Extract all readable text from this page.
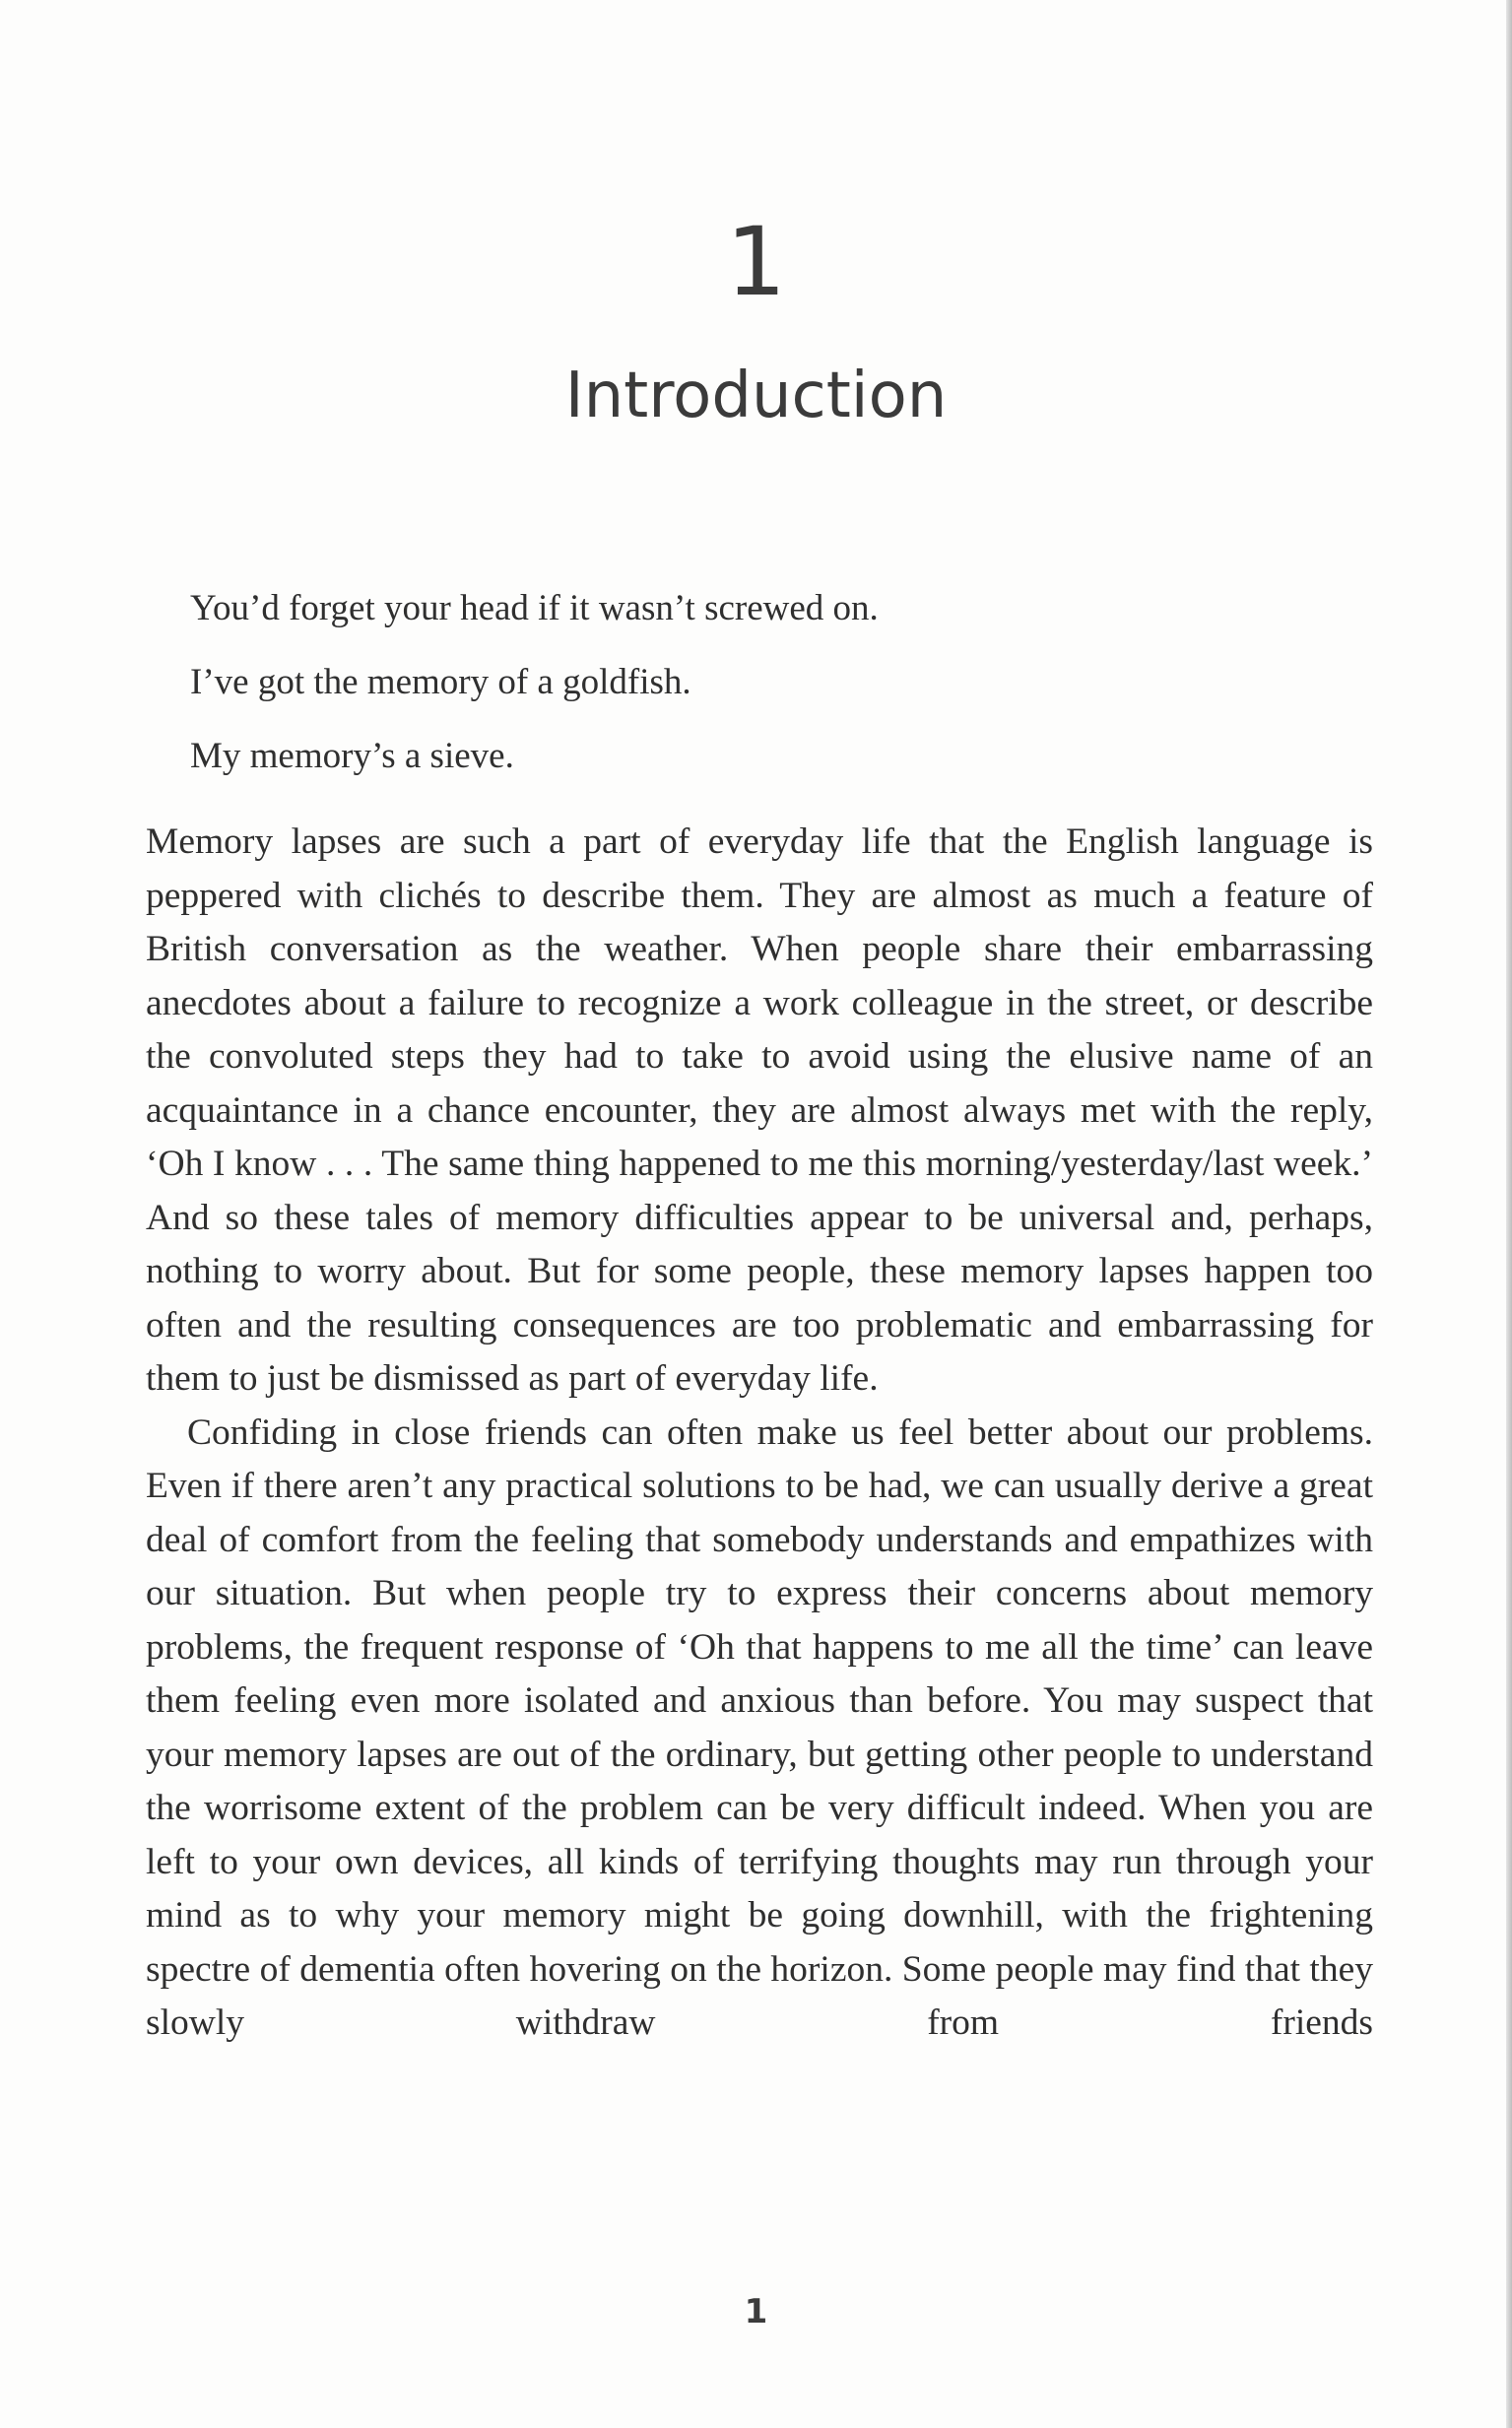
1
Introduction
You’d forget your head if it wasn’t screwed on.
I’ve got the memory of a goldfish.
My memory’s a sieve.

Memory lapses are such a part of everyday life that the English language is peppered with clichés to describe them. They are almost as much a feature of British conversation as the weather. When people share their embarrassing anecdotes about a failure to recognize a work colleague in the street, or describe the convoluted steps they had to take to avoid using the elusive name of an acquaintance in a chance encounter, they are almost always met with the reply, ‘Oh I know . . . The same thing happened to me this morning/yesterday/last week.’ And so these tales of memory difficulties appear to be universal and, perhaps, nothing to worry about. But for some people, these memory lapses happen too often and the resulting consequences are too problematic and embarrassing for them to just be dismissed as part of everyday life.

Confiding in close friends can often make us feel better about our problems. Even if there aren’t any practical solutions to be had, we can usually derive a great deal of comfort from the feeling that somebody understands and empathizes with our situation. But when people try to express their concerns about memory problems, the frequent response of ‘Oh that happens to me all the time’ can leave them feeling even more isolated and anxious than before. You may suspect that your memory lapses are out of the ordinary, but getting other people to understand the worrisome extent of the problem can be very difficult indeed. When you are left to your own devices, all kinds of terrifying thoughts may run through your mind as to why your memory might be going downhill, with the frightening spectre of dementia often hovering on the horizon. Some people may find that they slowly withdraw from friends

1
